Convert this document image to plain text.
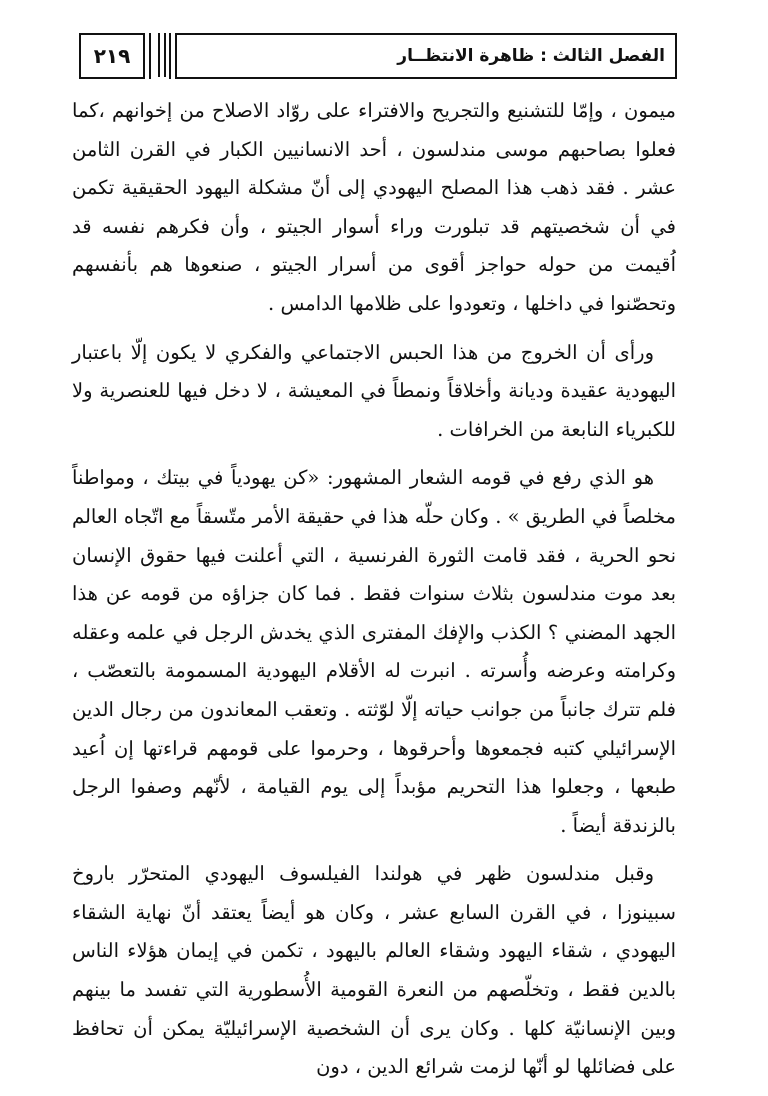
٢١٩	الفصل الثالث : ظاهرة الانتظــار

ميمون ، وإمّا للتشنيع والتجريح والافتراء على روّاد الاصلاح من إخوانهم ،كما فعلوا بصاحبهم موسى مندلسون ، أحد الانسانيين الكبار في القرن الثامن عشر . فقد ذهب هذا المصلح اليهودي إلى أنّ مشكلة اليهود الحقيقية تكمن في أن شخصيتهم قد تبلورت وراء أسوار الجيتو ، وأن فكرهم نفسه قد اُقيمت من حوله حواجز أقوى من أسرار الجيتو ، صنعوها هم بأنفسهم وتحصّنوا في داخلها ، وتعودوا على ظلامها الدامس .

ورأى أن الخروج من هذا الحبس الاجتماعي والفكري لا يكون إلّا باعتبار اليهودية عقيدة وديانة وأخلاقاً ونمطاً في المعيشة ، لا دخل فيها للعنصرية ولا للكبرياء النابعة من الخرافات .

هو الذي رفع في قومه الشعار المشهور: «كن يهودياً في بيتك ، ومواطناً مخلصاً في الطريق » . وكان حلّه هذا في حقيقة الأمر متّسقاً مع اتّجاه العالم نحو الحرية ، فقد قامت الثورة الفرنسية ، التي أعلنت فيها حقوق الإنسان بعد موت مندلسون بثلاث سنوات فقط . فما كان جزاؤه من قومه عن هذا الجهد المضني ؟ الكذب والإفك المفترى الذي يخدش الرجل في علمه وعقله وكرامته وعرضه وأُسرته . انبرت له الأقلام اليهودية المسمومة بالتعصّب ، فلم تترك جانباً من جوانب حياته إلّا لوّثته . وتعقب المعاندون من رجال الدين الإسرائيلي كتبه فجمعوها وأحرقوها ، وحرموا على قومهم قراءتها إن اُعيد طبعها ، وجعلوا هذا التحريم مؤبداً إلى يوم القيامة ، لأنّهم وصفوا الرجل بالزندقة أيضاً .

وقبل مندلسون ظهر في هولندا الفيلسوف اليهودي المتحرّر باروخ سبينوزا ، في القرن السابع عشر ، وكان هو أيضاً يعتقد أنّ نهاية الشقاء اليهودي ، شقاء اليهود وشقاء العالم باليهود ، تكمن في إيمان هؤلاء الناس بالدين فقط ، وتخلّصهم من النعرة القومية الأُسطورية التي تفسد ما بينهم وبين الإنسانيّة كلها . وكان يرى أن الشخصية الإسرائيليّة يمكن أن تحافظ على فضائلها لو أنّها لزمت شرائع الدين ، دون
